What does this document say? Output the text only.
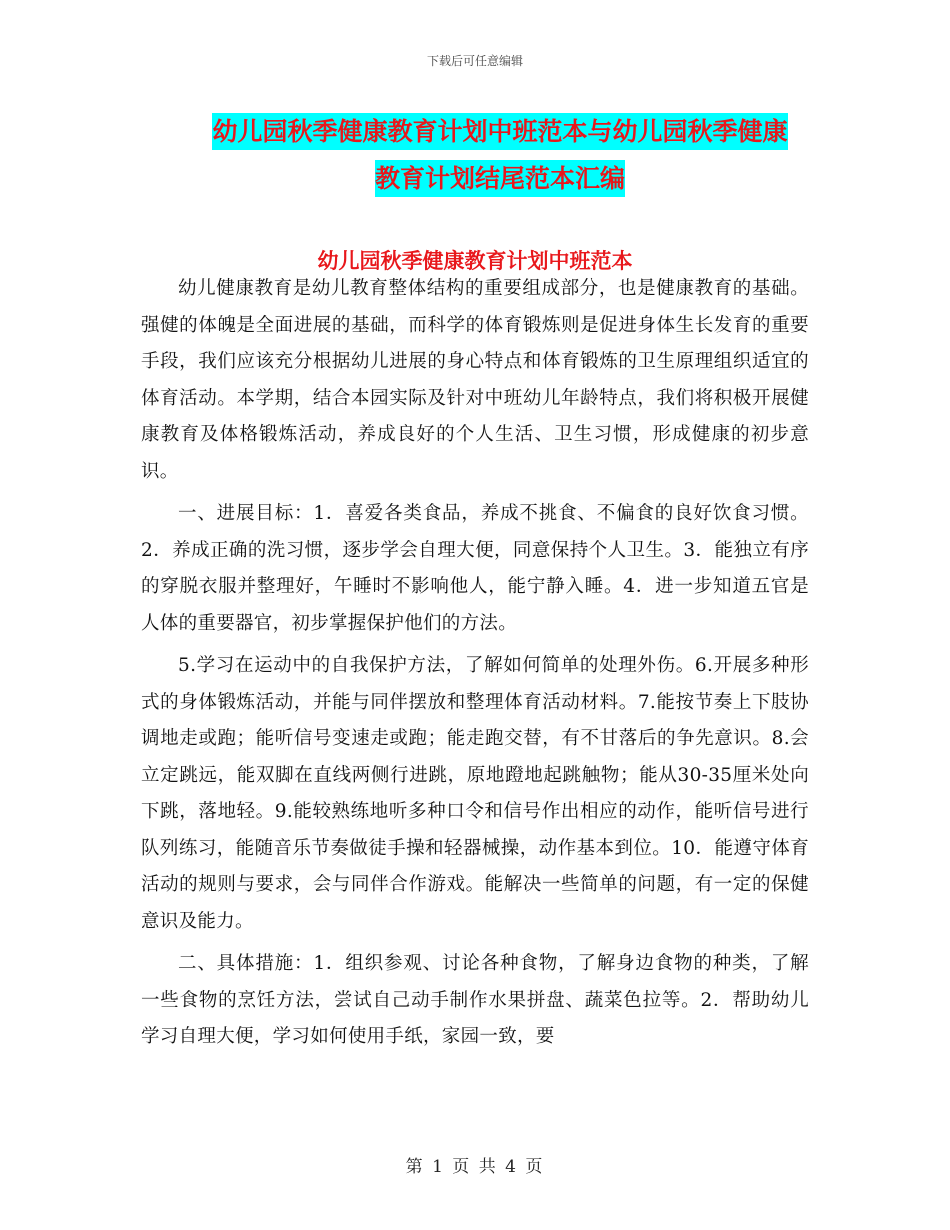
下载后可任意编辑
幼儿园秋季健康教育计划中班范本与幼儿园秋季健康
教育计划结尾范本汇编
幼儿园秋季健康教育计划中班范本

幼儿健康教育是幼儿教育整体结构的重要组成部分，也是健康教育的基础。强健的体魄是全面进展的基础，而科学的体育锻炼则是促进身体生长发育的重要手段，我们应该充分根据幼儿进展的身心特点和体育锻炼的卫生原理组织适宜的体育活动。本学期，结合本园实际及针对中班幼儿年龄特点，我们将积极开展健康教育及体格锻炼活动，养成良好的个人生活、卫生习惯，形成健康的初步意识。

一、进展目标：1．喜爱各类食品，养成不挑食、不偏食的良好饮食习惯。2．养成正确的洗习惯，逐步学会自理大便，同意保持个人卫生。3．能独立有序的穿脱衣服并整理好，午睡时不影响他人，能宁静入睡。4．进一步知道五官是人体的重要器官，初步掌握保护他们的方法。

5.学习在运动中的自我保护方法，了解如何简单的处理外伤。6.开展多种形式的身体锻炼活动，并能与同伴摆放和整理体育活动材料。7.能按节奏上下肢协调地走或跑；能听信号变速走或跑；能走跑交替，有不甘落后的争先意识。8.会立定跳远，能双脚在直线两侧行进跳，原地蹬地起跳触物；能从30-35厘米处向下跳，落地轻。9.能较熟练地听多种口令和信号作出相应的动作，能听信号进行队列练习，能随音乐节奏做徒手操和轻器械操，动作基本到位。10．能遵守体育活动的规则与要求，会与同伴合作游戏。能解决一些简单的问题，有一定的保健意识及能力。

二、具体措施：1．组织参观、讨论各种食物，了解身边食物的种类，了解一些食物的烹饪方法，尝试自己动手制作水果拼盘、蔬菜色拉等。2．帮助幼儿学习自理大便，学习如何使用手纸，家园一致，要

第 1 页 共 4 页
